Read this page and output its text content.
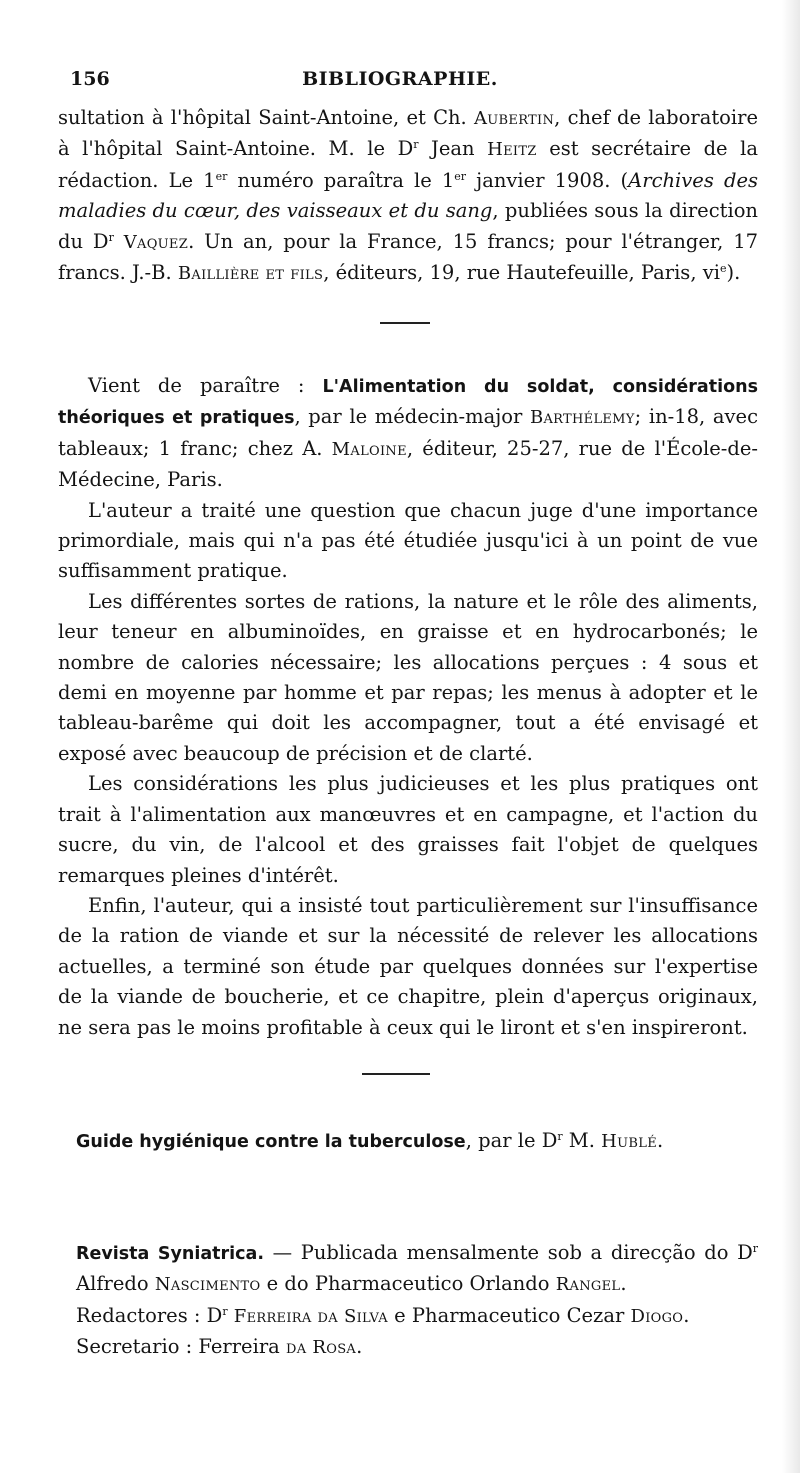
156	BIBLIOGRAPHIE.

sultation à l'hôpital Saint-Antoine, et Ch. Aubertin, chef de laboratoire à l'hôpital Saint-Antoine. M. le $D^r$ Jean Heitz est secrétaire de la rédaction. Le 1er numéro paraîtra le 1er janvier 1908. (Archives des maladies du cœur, des vaisseaux et du sang, publiées sous la direction du $D^r$ Vaquez. Un an, pour la France, 15 francs; pour l'étranger, 17 francs. J.-B. Baillière et fils, éditeurs, 19, rue Hautefeuille, Paris, $vi^e$).

Vient de paraître : L'Alimentation du soldat, considérations théoriques et pratiques, par le médecin-major Barthélemy; in-18, avec tableaux; 1 franc; chez A. Maloine, éditeur, 25-27, rue de l'École-de-Médecine, Paris.

L'auteur a traité une question que chacun juge d'une importance primordiale, mais qui n'a pas été étudiée jusqu'ici à un point de vue suffisamment pratique.

Les différentes sortes de rations, la nature et le rôle des aliments, leur teneur en albuminoïdes, en graisse et en hydrocarbonés; le nombre de calories nécessaire; les allocations perçues : 4 sous et demi en moyenne par homme et par repas; les menus à adopter et le tableau-barême qui doit les accompagner, tout a été envisagé et exposé avec beaucoup de précision et de clarté.

Les considérations les plus judicieuses et les plus pratiques ont trait à l'alimentation aux manœuvres et en campagne, et l'action du sucre, du vin, de l'alcool et des graisses fait l'objet de quelques remarques pleines d'intérêt.

Enfin, l'auteur, qui a insisté tout particulièrement sur l'insuffisance de la ration de viande et sur la nécessité de relever les allocations actuelles, a terminé son étude par quelques données sur l'expertise de la viande de boucherie, et ce chapitre, plein d'aperçus originaux, ne sera pas le moins profitable à ceux qui le liront et s'en inspireront.

Guide hygiénique contre la tuberculose, par le $D^r$ M. Hublé.

Revista Syniatrica. — Publicada mensalmente sob a direcção do $D^r$ Alfredo Nascimento e do Pharmaceutico Orlando Rangel.

Redactores : $D^r$ Ferreira da Silva e Pharmaceutico Cezar Diogo.

Secretario : Ferreira da Rosa.
